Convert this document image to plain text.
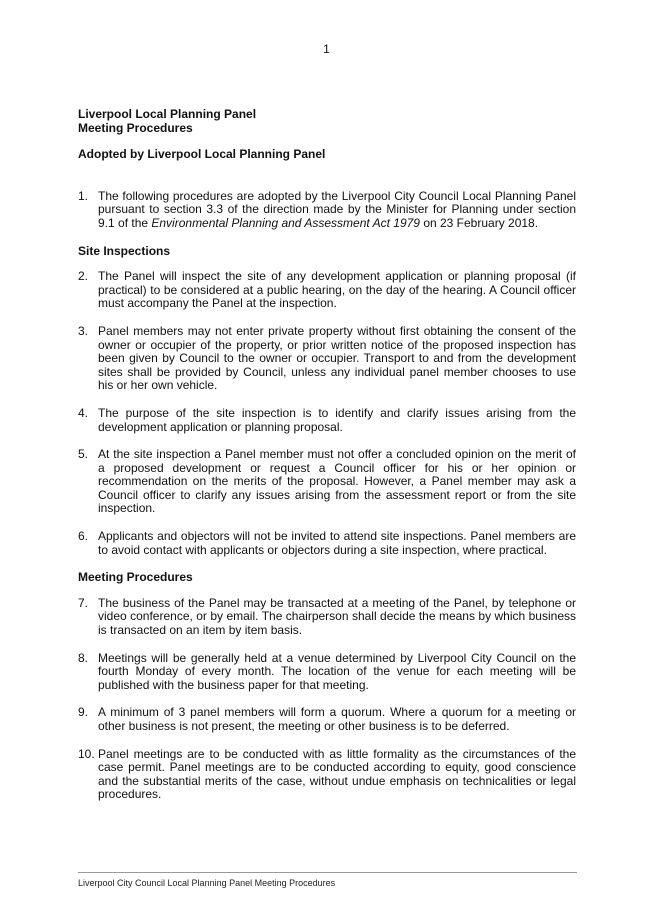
1

Liverpool Local Planning Panel

Meeting Procedures

Adopted by Liverpool Local Planning Panel

1. The following procedures are adopted by the Liverpool City Council Local Planning Panel pursuant to section 3.3 of the direction made by the Minister for Planning under section 9.1 of the Environmental Planning and Assessment Act 1979 on 23 February 2018.

Site Inspections

2. The Panel will inspect the site of any development application or planning proposal (if practical) to be considered at a public hearing, on the day of the hearing. A Council officer must accompany the Panel at the inspection.
3. Panel members may not enter private property without first obtaining the consent of the owner or occupier of the property, or prior written notice of the proposed inspection has been given by Council to the owner or occupier. Transport to and from the development sites shall be provided by Council, unless any individual panel member chooses to use his or her own vehicle.
4. The purpose of the site inspection is to identify and clarify issues arising from the development application or planning proposal.
5. At the site inspection a Panel member must not offer a concluded opinion on the merit of a proposed development or request a Council officer for his or her opinion or recommendation on the merits of the proposal. However, a Panel member may ask a Council officer to clarify any issues arising from the assessment report or from the site inspection.
6. Applicants and objectors will not be invited to attend site inspections. Panel members are to avoid contact with applicants or objectors during a site inspection, where practical.

Meeting Procedures

7. The business of the Panel may be transacted at a meeting of the Panel, by telephone or video conference, or by email. The chairperson shall decide the means by which business is transacted on an item by item basis.
8. Meetings will be generally held at a venue determined by Liverpool City Council on the fourth Monday of every month. The location of the venue for each meeting will be published with the business paper for that meeting.
9. A minimum of 3 panel members will form a quorum. Where a quorum for a meeting or other business is not present, the meeting or other business is to be deferred.
10. Panel meetings are to be conducted with as little formality as the circumstances of the case permit. Panel meetings are to be conducted according to equity, good conscience and the substantial merits of the case, without undue emphasis on technicalities or legal procedures.
Liverpool City Council Local Planning Panel Meeting Procedures
